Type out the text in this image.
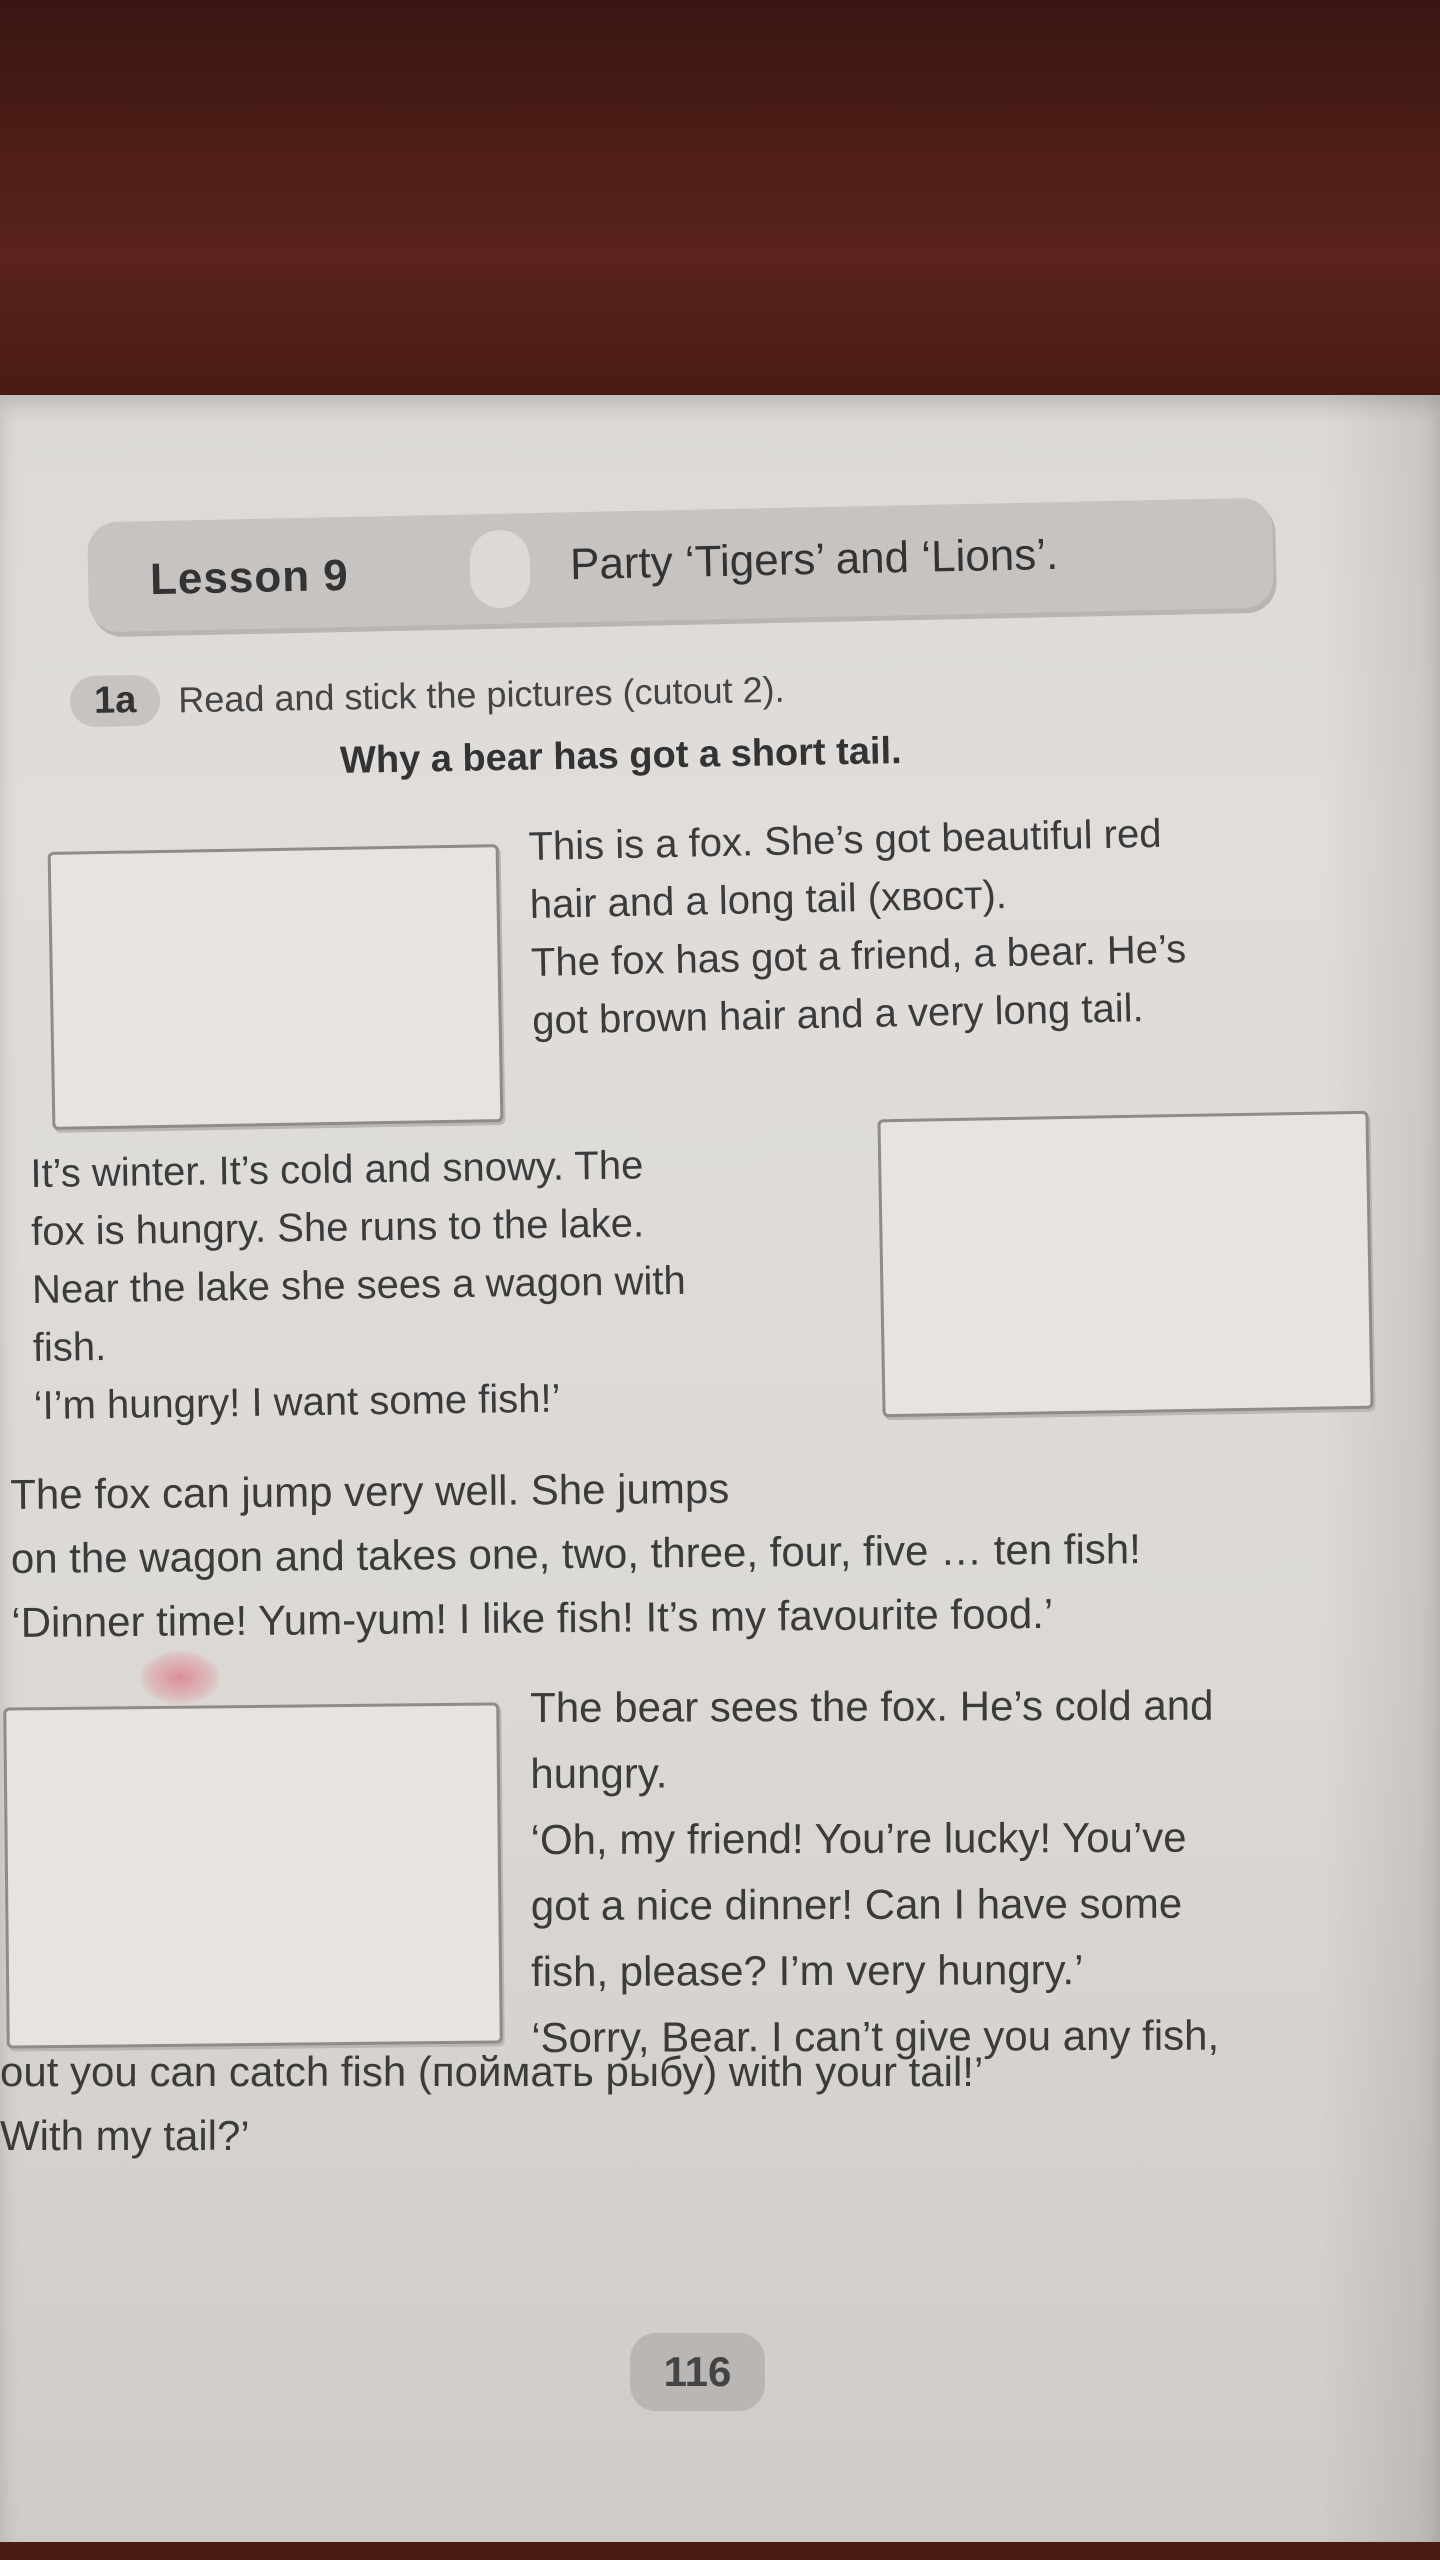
Lesson 9	Party ‘Tigers’ and ‘Lions’.
1a	Read and stick the pictures (cutout 2).
Why a bear has got a short tail.

This is a fox. She’s got beautiful red

hair and a long tail (хвост).

The fox has got a friend, a bear. He’s

got brown hair and a very long tail.

It’s winter. It’s cold and snowy. The

fox is hungry. She runs to the lake.

Near the lake she sees a wagon with

fish.

‘I’m hungry! I want some fish!’

The fox can jump very well. She jumps

on the wagon and takes one, two, three, four, five … ten fish!

‘Dinner time! Yum-yum! I like fish! It’s my favourite food.’

The bear sees the fox. He’s cold and

hungry.

‘Oh, my friend! You’re lucky! You’ve

got a nice dinner! Can I have some

fish, please? I’m very hungry.’

‘Sorry, Bear. I can’t give you any fish,

out you can catch fish (поймать рыбу) with your tail!’

With my tail?’

116
